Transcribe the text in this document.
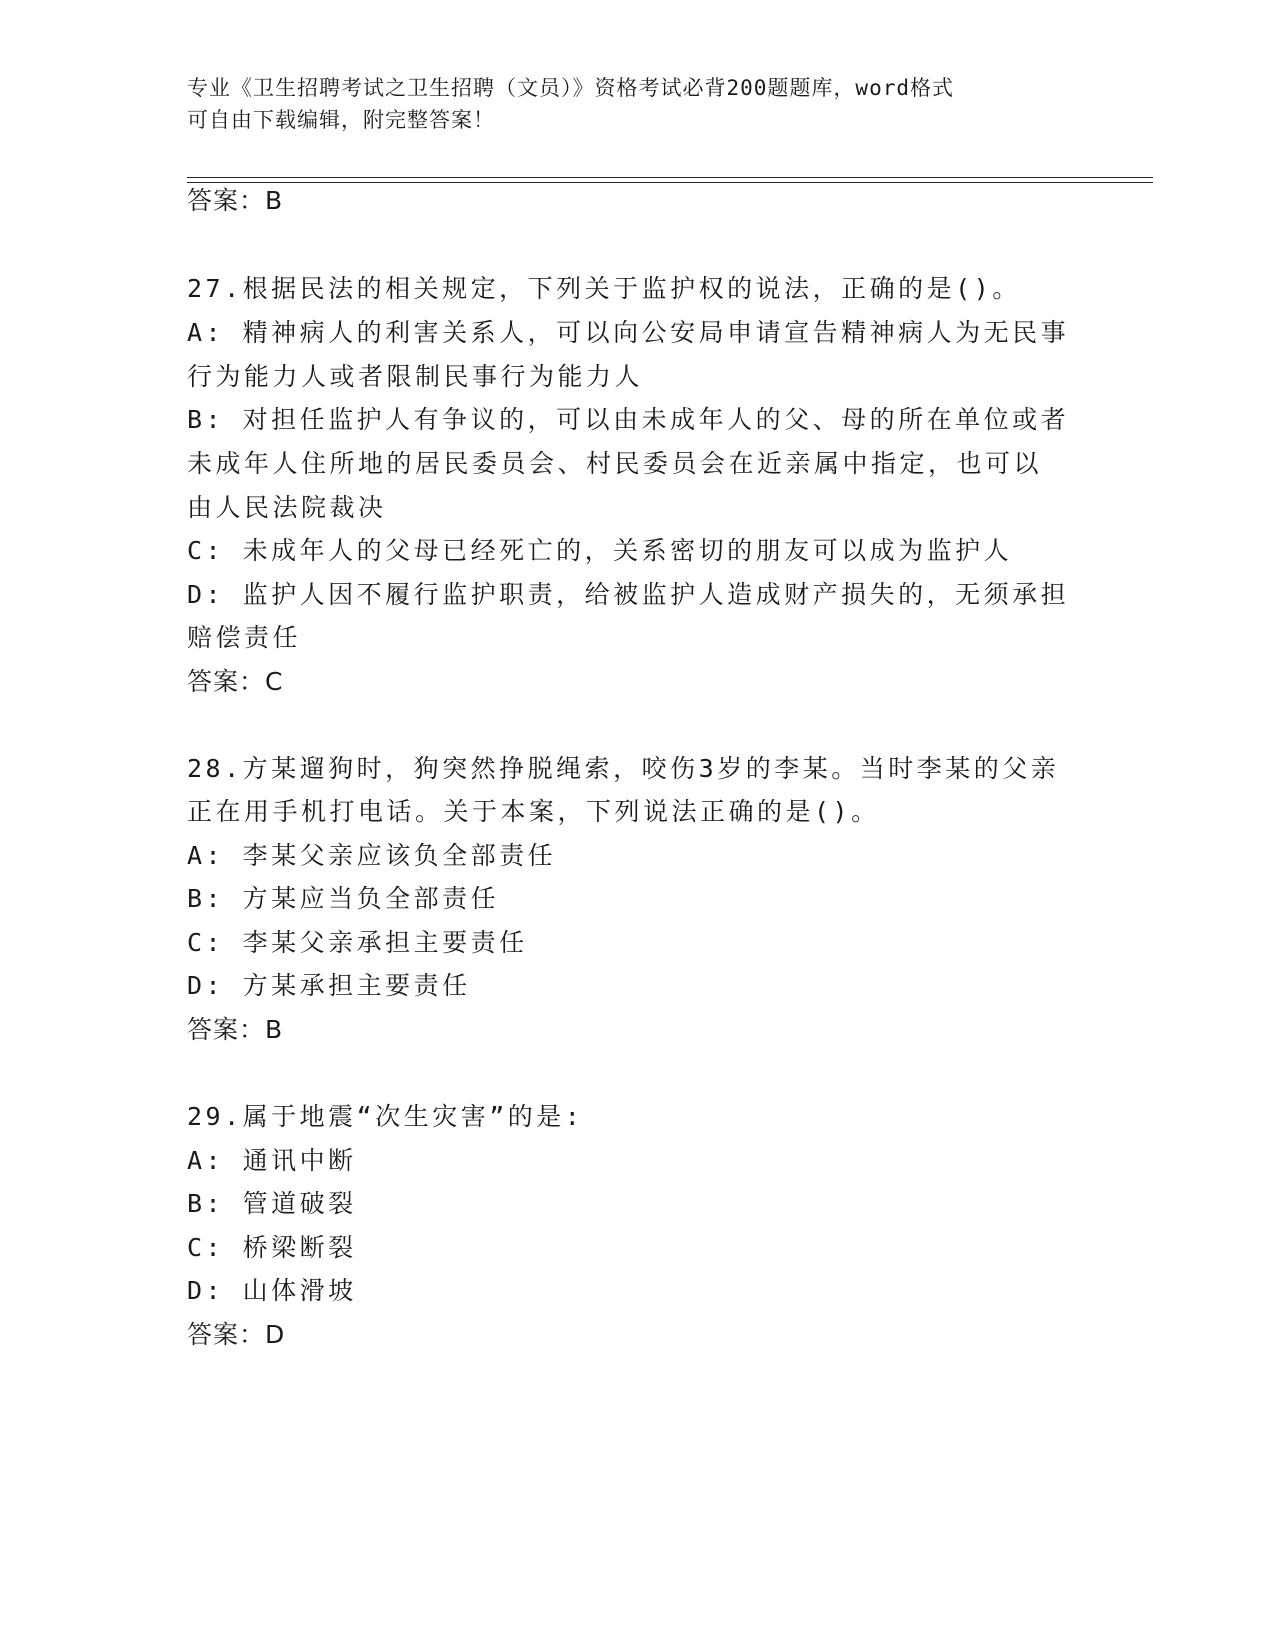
专业《卫生招聘考试之卫生招聘（文员）》资格考试必背200题题库，word格式
可自由下载编辑，附完整答案！
答案：B
27.根据民法的相关规定，下列关于监护权的说法，正确的是()。
A: 精神病人的利害关系人，可以向公安局申请宣告精神病人为无民事
行为能力人或者限制民事行为能力人
B: 对担任监护人有争议的，可以由未成年人的父、母的所在单位或者
未成年人住所地的居民委员会、村民委员会在近亲属中指定，也可以
由人民法院裁决
C: 未成年人的父母已经死亡的，关系密切的朋友可以成为监护人
D: 监护人因不履行监护职责，给被监护人造成财产损失的，无须承担
赔偿责任
答案：C
28.方某遛狗时，狗突然挣脱绳索，咬伤3岁的李某。当时李某的父亲
正在用手机打电话。关于本案，下列说法正确的是()。
A: 李某父亲应该负全部责任
B: 方某应当负全部责任
C: 李某父亲承担主要责任
D: 方某承担主要责任
答案：B
29.属于地震“次生灾害”的是:
A: 通讯中断
B: 管道破裂
C: 桥梁断裂
D: 山体滑坡
答案：D
